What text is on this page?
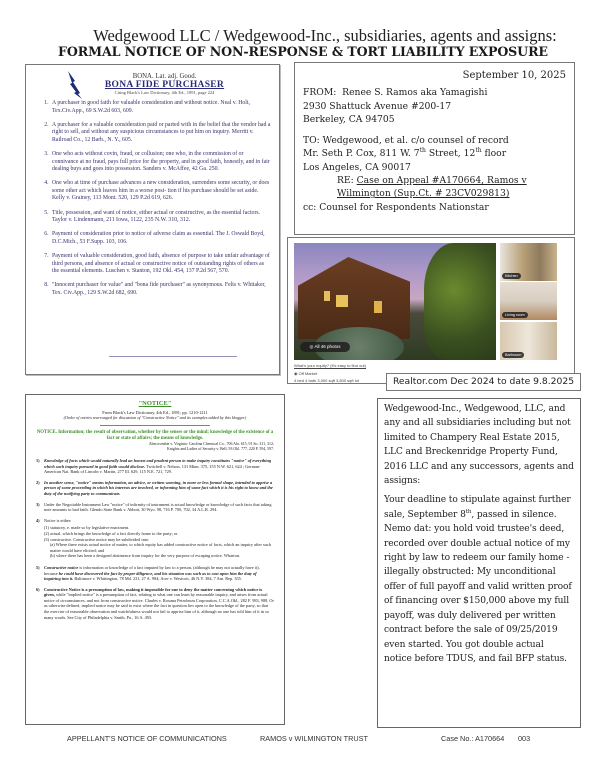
Wedgewood LLC / Wedgewood-Inc., subsidiaries, agents and assigns:
FORMAL NOTICE OF NON-RESPONSE & TORT LIABILITY EXPOSURE
BONA. Lat. adj. Good.
BONA FIDE PURCHASER
Citing Black's Law Dictionary, 4th Ed., 1891, page 224
1. A purchaser in good faith for valuable consideration and without notice. Neal v. Holt, Tex.Civ.App., 69 S.W.2d 603, 609.
2. A purchaser for a valuable consideration paid or parted with in the belief that the vendor had a right to sell, and without any suspicious circumstances to put him on inquiry. Merritt v. Railroad Co., 12 Barb., N. Y., 605.
3. One who acts without covin, fraud, or collusion; one who, in the commission of or connivance at no fraud, pays full price for the property, and in good faith, honestly, and in fair dealing buys and goes into possession. Sanders v. McAffee, 42 Ga. 250.
4. One who at time of purchase advances a new consideration, surrenders some security, or does some other act which leaves him in a worse posi- tion if his purchase should be set aside. Kelly v. Grainey, 113 Mont. 520, 129 P.2d 619, 626.
5. Title, possession, and want of notice, either actual or constructive, as the essential factors. Taylor v. Lindenmann, 211 Iowa, 1122, 235 N.W. 310, 312.
6. Payment of consideration prior to notice of adverse claim as essential. The J. Oswald Boyd, D.C.Mich., 53 F.Supp. 103, 106.
7. Payment of valuable consideration, good faith, absence of purpose to take unfair advantage of third persons, and absence of actual or constructive notice of outstanding rights of others as the essential elements. Luschen v. Stanton, 192 Okl. 454, 137 P.2d 567, 570.
8. "Innocent purchaser for value" and "bona fide purchaser" as synonymous. Felts v. Whitaker, Tex. Civ.App., 129 S.W.2d 682, 690.
September 10, 2025
FROM: Renee S. Ramos aka Yamagishi
2930 Shattuck Avenue #200-17
Berkeley, CA 94705
TO: Wedgewood, et al. c/o counsel of record
Mr. Seth P. Cox, 811 W. 7th Street, 12th floor
Los Angeles, CA 90017
RE: Case on Appeal #A170664, Ramos v
Wilmington (Sup.Ct. # 23CV029813)
cc: Counsel for Respondents Nationstar
◎ All 46 photos
Kitchen
Living room
Bathroom
What's your equity? (It's easy to find out)
◉ Off Market
4 bed 4 bath 3,000 sqft 3,800 sqft lot	Realtor.com Dec 2024 to date 9.8.2025
"NOTICE"
From Black's Law Dictionary, 4th Ed., 1891; pp. 1210-1211
(Order of entries rearranged for discussion of "Constructive Notice" and its examples added by this blogger)
NOTICE. Information; the result of observation, whether by the senses or the mind; knowledge of the existence of a fact or state of affairs; the means of knowledge.
Abercrombie v. Virginia- Carolina Chemical Co., 706 Ala. 615, 91 So. 311, 312;
Knights and Ladies of Security v. Bell, 93 Okl. 777, 220 P. 594, 597.
1)	Knowledge of facts which would naturally lead an honest and prudent person to make inquiry constitutes "notice" of everything which such inquiry pursued in good faith would disclose. Twitchell v. Nelson, 131 Minn. 375, 155 N.W. 621, 624 ; German-American Nat. Bank of Lincoln v. Martin, 277 Ill. 629, 115 N.E. 721, 729.
2)	In another sense, "notice" means information, an advice, or written warning, in more or less formal shape, intended to apprise a person of some proceeding in which his interests are involved, or informing him of some fact which it is his right to know and the duty of the notifying party to communicate.
3)	Under the Negotiable Instrument Law "notice" of infirmity of instrument is actual knowledge or knowledge of such facts that taking note amounts to bad faith. Glendo State Bank v. Abbott, 30 Wyo. 98, 716 P. 700, 702, 34 A.L.R. 294.
4)	Notice is either:
(1) statutory, e. made so by legislative enactment.
(2) actual, which brings the knowledge of a fact directly home to the party; or
(3) constructive. Constructive notice may be subdivided into:
(a) Where there exists actual notice of matter, to which equity has added constructive notice of facts, which an inquiry after such matter would have elicited; and
(b) where there has been a designed abstinence from inquiry for the very purpose of escaping notice. Wharton.
5)	Constructive notice is information or knowledge of a fact imputed by law to a person, (although he may not actually have it), because he could have discovered the fact by proper diligence, and his situation was such as to cast upon him the duty of inquiring into it. Baltimore v. Whittington, 78 Md. 231, 27 A. 984; Acer v. Westcott, 46 N.Y. 384, 7 Am. Rep. 355.
6)	Constructive Notice is a presumption of law, making it impossible for one to deny the matter concerning which notice is given, while "implied notice" is a presumption of fact, relating to what one can learn by reasonable inquiry, and arises from actual notice of circumstances, and not from constructive notice. Charles v. Roxana Petroleum Corporation, C.C.A.Okl., 282 F. 983, 988. Or as otherwise defined, implied notice may be said to exist where the fact in question lies open to the knowledge of the party, so that the exercise of reasonable observation and watchfulness would not fail to apprise him of it, although no one has told him of it in so many words. See City of Philadelphia v. Smith, Pa., 16 A. 493.

Wedgewood-Inc., Wedgewood, LLC, and any and all subsidiaries including but not limited to Champery Real Estate 2015, LLC and Breckenridge Property Fund, 2016 LLC and any successors, agents and assigns:

Your deadline to stipulate against further sale, September 8th, passed in silence. Nemo dat: you hold void trustee's deed, recorded over double actual notice of my right by law to redeem our family home - illegally obstructed: My unconditional offer of full payoff and valid written proof of financing over $150,000 above my full payoff, was duly delivered per written contract before the sale of 09/25/2019 even started. You got double actual notice before TDUS, and fail BFP status.

APPELLANT'S NOTICE OF COMMUNICATIONS	RAMOS v WILMINGTON TRUST	Case No.: A170664 003
